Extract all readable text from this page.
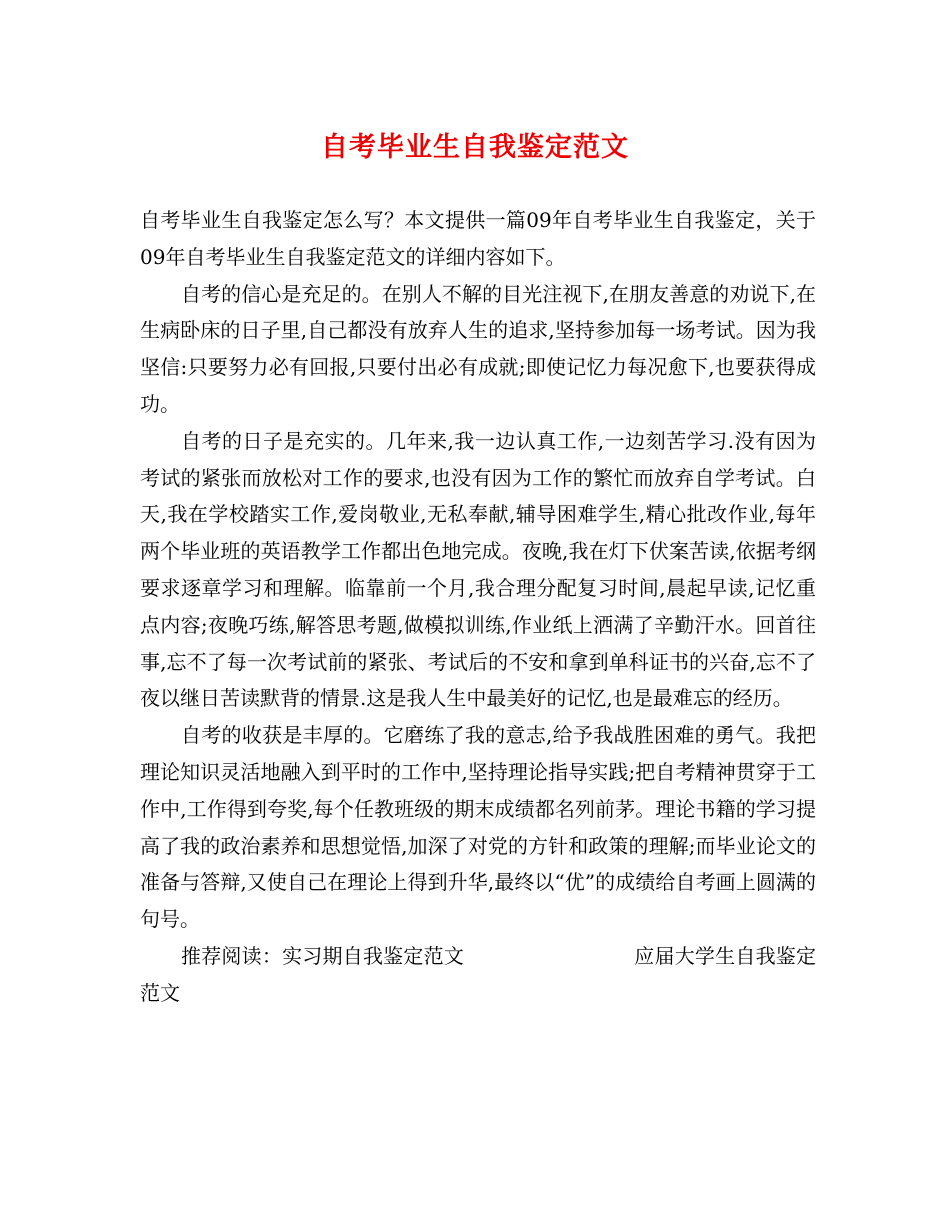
自考毕业生自我鉴定范文

自考毕业生自我鉴定怎么写？本文提供一篇09年自考毕业生自我鉴定，关于09年自考毕业生自我鉴定范文的详细内容如下。

自考的信心是充足的。在别人不解的目光注视下,在朋友善意的劝说下,在生病卧床的日子里,自己都没有放弃人生的追求,坚持参加每一场考试。因为我坚信:只要努力必有回报,只要付出必有成就;即使记忆力每况愈下,也要获得成功。

自考的日子是充实的。几年来,我一边认真工作,一边刻苦学习.没有因为考试的紧张而放松对工作的要求,也没有因为工作的繁忙而放弃自学考试。白天,我在学校踏实工作,爱岗敬业,无私奉献,辅导困难学生,精心批改作业,每年两个毕业班的英语教学工作都出色地完成。夜晚,我在灯下伏案苦读,依据考纲要求逐章学习和理解。临靠前一个月,我合理分配复习时间,晨起早读,记忆重点内容;夜晚巧练,解答思考题,做模拟训练,作业纸上洒满了辛勤汗水。回首往事,忘不了每一次考试前的紧张、考试后的不安和拿到单科证书的兴奋,忘不了夜以继日苦读默背的情景.这是我人生中最美好的记忆,也是最难忘的经历。

自考的收获是丰厚的。它磨练了我的意志,给予我战胜困难的勇气。我把理论知识灵活地融入到平时的工作中,坚持理论指导实践;把自考精神贯穿于工作中,工作得到夸奖,每个任教班级的期末成绩都名列前茅。理论书籍的学习提高了我的政治素养和思想觉悟,加深了对党的方针和政策的理解;而毕业论文的准备与答辩,又使自己在理论上得到升华,最终以“优”的成绩给自考画上圆满的句号。

推荐阅读：实习期自我鉴定范文	应届大学生自我鉴定范文
